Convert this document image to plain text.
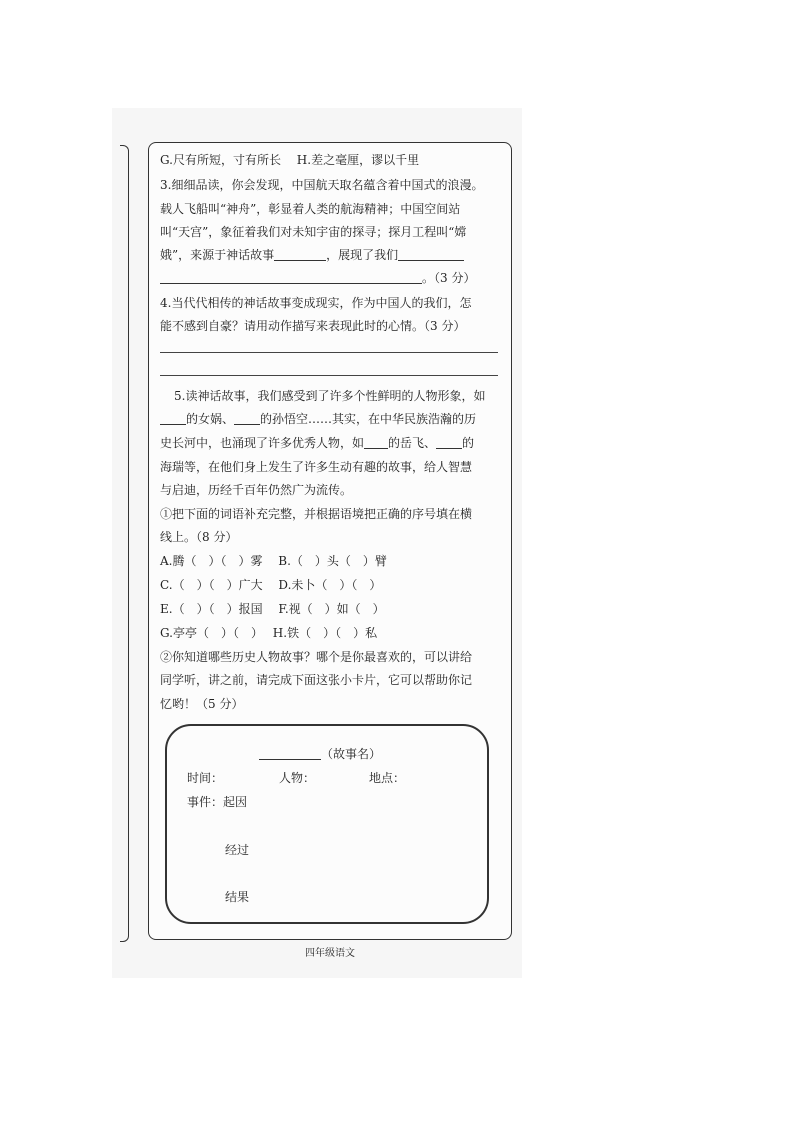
G.尺有所短，寸有所长　 H.差之毫厘，谬以千里
3.细细品读，你会发现，中国航天取名蕴含着中国式的浪漫。
载人飞船叫“神舟”，彰显着人类的航海精神；中国空间站
叫“天宫”，象征着我们对未知宇宙的探寻；探月工程叫“嫦
娥”，来源于神话故事	，展现了我们
。（3 分）
4.当代代相传的神话故事变成现实，作为中国人的我们，怎
能不感到自豪？请用动作描写来表现此时的心情。（3 分）
5.读神话故事，我们感受到了许多个性鲜明的人物形象，如
的女娲、 的孙悟空……其实，在中华民族浩瀚的历
史长河中，也涌现了许多优秀人物，如 的岳飞、 的
海瑞等，在他们身上发生了许多生动有趣的故事，给人智慧
与启迪，历经千百年仍然广为流传。
①把下面的词语补充完整，并根据语境把正确的序号填在横
线上。（8 分）
A.腾（　）（　）雾　 B.（　）头（　）臂
C.（　）（　）广大　 D.未卜（　）（　）
E.（　）（　）报国　 F.视（　）如（　）
G.亭亭（　）（　）　 H.铁（　）（　）私
②你知道哪些历史人物故事？哪个是你最喜欢的，可以讲给
同学听，讲之前，请完成下面这张小卡片，它可以帮助你记
忆哟！（5 分）
（故事名）
时间：	人物：	地点：
事件：起因
经过
结果
四年级语文
